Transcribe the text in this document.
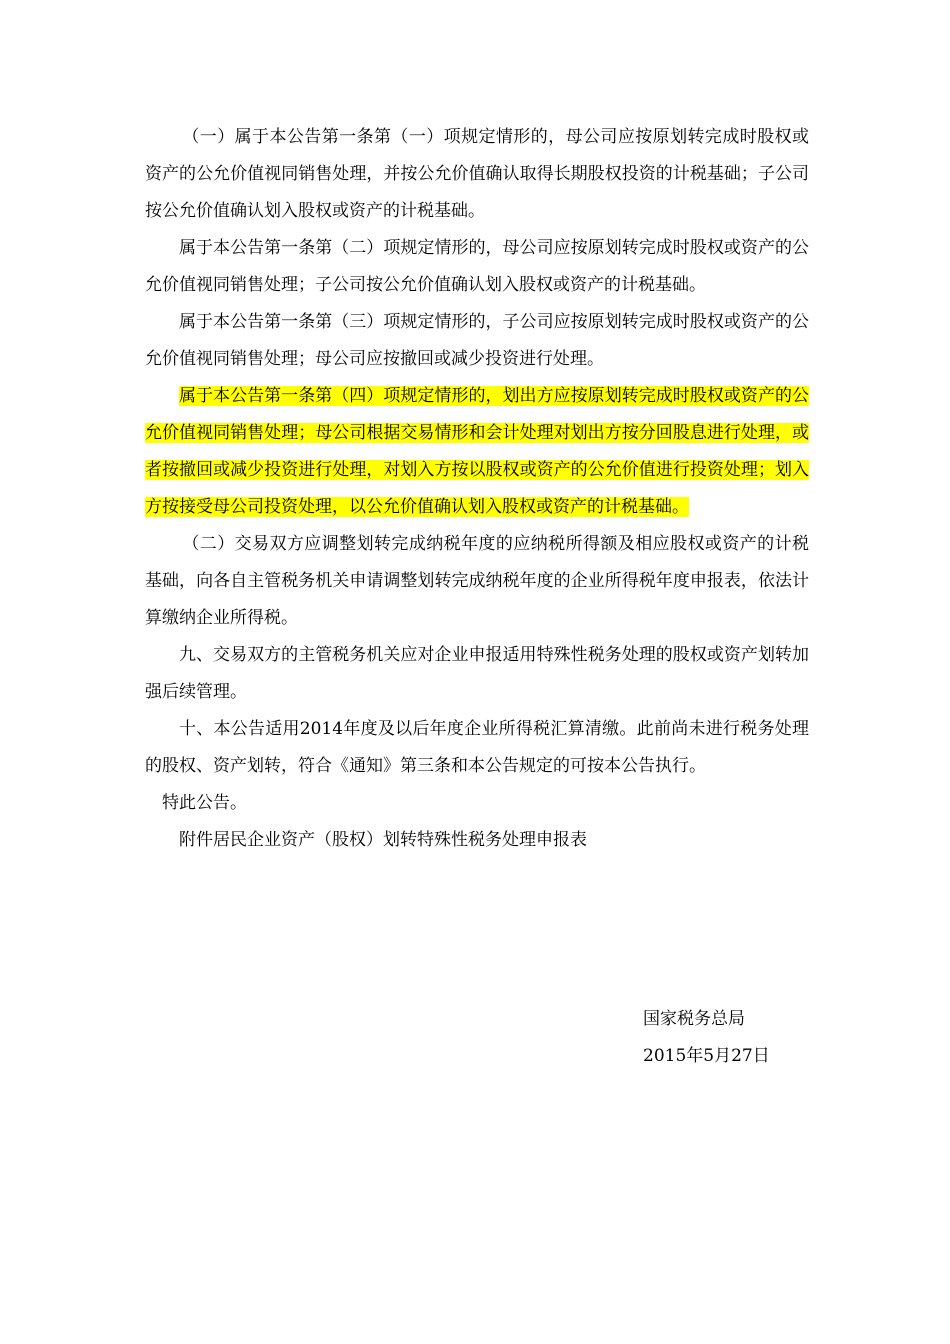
（一）属于本公告第一条第（一）项规定情形的，母公司应按原划转完成时股权或资产的公允价值视同销售处理，并按公允价值确认取得长期股权投资的计税基础；子公司按公允价值确认划入股权或资产的计税基础。

属于本公告第一条第（二）项规定情形的，母公司应按原划转完成时股权或资产的公允价值视同销售处理；子公司按公允价值确认划入股权或资产的计税基础。

属于本公告第一条第（三）项规定情形的，子公司应按原划转完成时股权或资产的公允价值视同销售处理；母公司应按撤回或减少投资进行处理。

属于本公告第一条第（四）项规定情形的，划出方应按原划转完成时股权或资产的公允价值视同销售处理；母公司根据交易情形和会计处理对划出方按分回股息进行处理，或者按撤回或减少投资进行处理，对划入方按以股权或资产的公允价值进行投资处理；划入方按接受母公司投资处理，以公允价值确认划入股权或资产的计税基础。

（二）交易双方应调整划转完成纳税年度的应纳税所得额及相应股权或资产的计税基础，向各自主管税务机关申请调整划转完成纳税年度的企业所得税年度申报表，依法计算缴纳企业所得税。

九、交易双方的主管税务机关应对企业申报适用特殊性税务处理的股权或资产划转加强后续管理。

十、本公告适用2014年度及以后年度企业所得税汇算清缴。此前尚未进行税务处理的股权、资产划转，符合《通知》第三条和本公告规定的可按本公告执行。

特此公告。

附件居民企业资产（股权）划转特殊性税务处理申报表

国家税务总局
2015年5月27日
